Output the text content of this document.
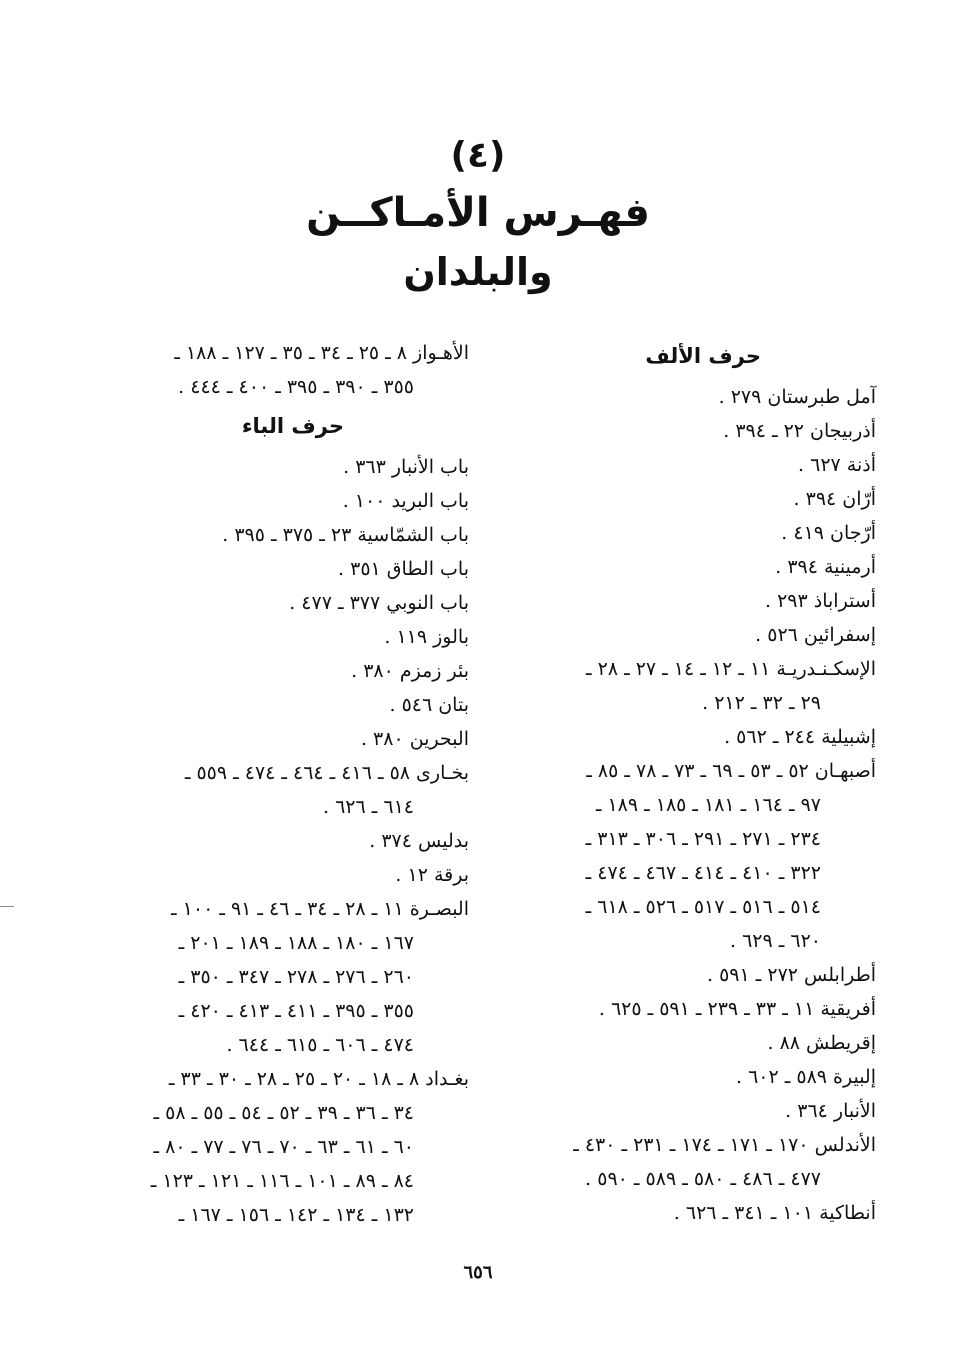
(٤)
فهـرس الأمـاكــن
والبلدان
حرف الألف
آمل طبرستان ٢٧٩ .
أذربيجان ٢٢ ـ ٣٩٤ .
أذنة ٦٢٧ .
أرّان ٣٩٤ .
أرّجان ٤١٩ .
أرمينية ٣٩٤ .
أستراباذ ٢٩٣ .
إسفرائين ٥٢٦ .
الإسكـنـدريـة ١١ ـ ١٢ ـ ١٤ ـ ٢٧ ـ ٢٨ ـ
٢٩ ـ ٣٢ ـ ٢١٢ .
إشبيلية ٢٤٤ ـ ٥٦٢ .
أصبهـان ٥٢ ـ ٥٣ ـ ٦٩ ـ ٧٣ ـ ٧٨ ـ ٨٥ ـ
٩٧ ـ ١٦٤ ـ ١٨١ ـ ١٨٥ ـ ١٨٩ ـ
٢٣٤ ـ ٢٧١ ـ ٢٩١ ـ ٣٠٦ ـ ٣١٣ ـ
٣٢٢ ـ ٤١٠ ـ ٤١٤ ـ ٤٦٧ ـ ٤٧٤ ـ
٥١٤ ـ ٥١٦ ـ ٥١٧ ـ ٥٢٦ ـ ٦١٨ ـ
٦٢٠ ـ ٦٢٩ .
أطرابلس ٢٧٢ ـ ٥٩١ .
أفريقية ١١ ـ ٣٣ ـ ٢٣٩ ـ ٥٩١ ـ ٦٢٥ .
إقريطش ٨٨ .
إلبيرة ٥٨٩ ـ ٦٠٢ .
الأنبار ٣٦٤ .
الأندلس ١٧٠ ـ ١٧١ ـ ١٧٤ ـ ٢٣١ ـ ٤٣٠ ـ
٤٧٧ ـ ٤٨٦ ـ ٥٨٠ ـ ٥٨٩ ـ ٥٩٠ .
أنطاكية ١٠١ ـ ٣٤١ ـ ٦٢٦ .
الأهـواز ٨ ـ ٢٥ ـ ٣٤ ـ ٣٥ ـ ١٢٧ ـ ١٨٨ ـ
٣٥٥ ـ ٣٩٠ ـ ٣٩٥ ـ ٤٠٠ ـ ٤٤٤ .
حرف الباء
باب الأنبار ٣٦٣ .
باب البريد ١٠٠ .
باب الشمّاسية ٢٣ ـ ٣٧٥ ـ ٣٩٥ .
باب الطاق ٣٥١ .
باب النوبي ٣٧٧ ـ ٤٧٧ .
بالوز ١١٩ .
بئر زمزم ٣٨٠ .
بتان ٥٤٦ .
البحرين ٣٨٠ .
بخـارى ٥٨ ـ ٤١٦ ـ ٤٦٤ ـ ٤٧٤ ـ ٥٥٩ ـ
٦١٤ ـ ٦٢٦ .
بدليس ٣٧٤ .
برقة ١٢ .
البصـرة ١١ ـ ٢٨ ـ ٣٤ ـ ٤٦ ـ ٩١ ـ ١٠٠ ـ
١٦٧ ـ ١٨٠ ـ ١٨٨ ـ ١٨٩ ـ ٢٠١ ـ
٢٦٠ ـ ٢٧٦ ـ ٢٧٨ ـ ٣٤٧ ـ ٣٥٠ ـ
٣٥٥ ـ ٣٩٥ ـ ٤١١ ـ ٤١٣ ـ ٤٢٠ ـ
٤٧٤ ـ ٦٠٦ ـ ٦١٥ ـ ٦٤٤ .
بغـداد ٨ ـ ١٨ ـ ٢٠ ـ ٢٥ ـ ٢٨ ـ ٣٠ ـ ٣٣ ـ
٣٤ ـ ٣٦ ـ ٣٩ ـ ٥٢ ـ ٥٤ ـ ٥٥ ـ ٥٨ ـ
٦٠ ـ ٦١ ـ ٦٣ ـ ٧٠ ـ ٧٦ ـ ٧٧ ـ ٨٠ ـ
٨٤ ـ ٨٩ ـ ١٠١ ـ ١١٦ ـ ١٢١ ـ ١٢٣ ـ
١٣٢ ـ ١٣٤ ـ ١٤٢ ـ ١٥٦ ـ ١٦٧ ـ
٦٥٦
